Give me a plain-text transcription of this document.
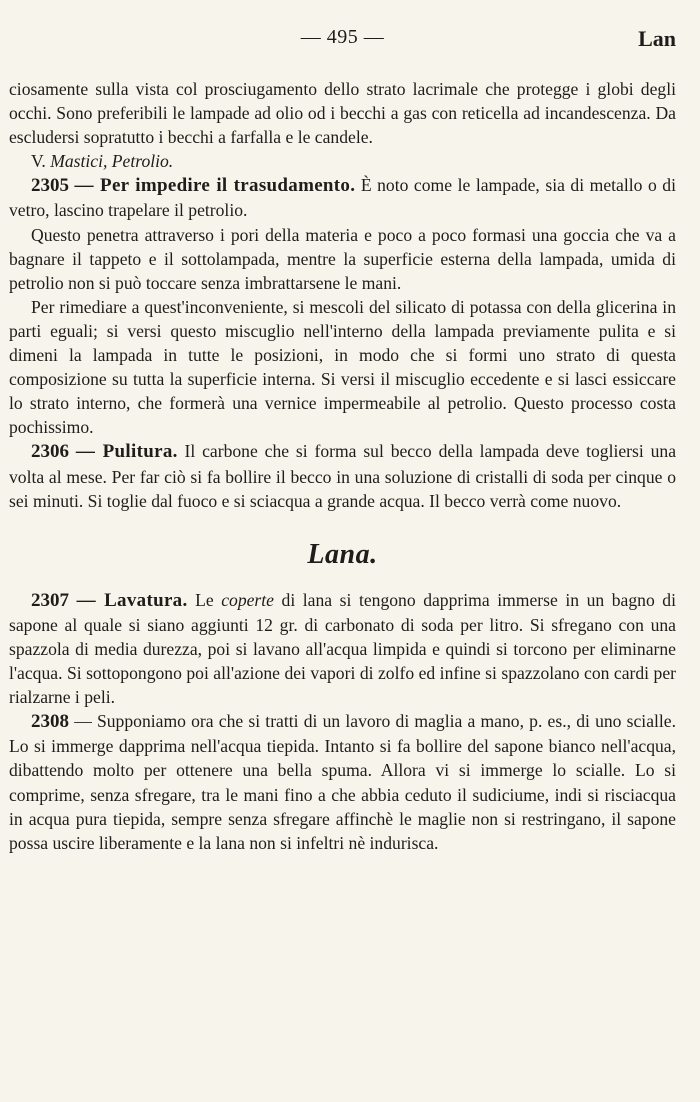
— 495 —	Lan

ciosamente sulla vista col prosciugamento dello strato lacrimale che protegge i globi degli occhi. Sono preferibili le lampade ad olio od i becchi a gas con reticella ad incandescenza. Da escludersi sopratutto i becchi a farfalla e le candele.

V. Mastici, Petrolio.

2305 — Per impedire il trasudamento. È noto come le lampade, sia di metallo o di vetro, lascino trapelare il petrolio.

Questo penetra attraverso i pori della materia e poco a poco formasi una goccia che va a bagnare il tappeto e il sottolampada, mentre la superficie esterna della lampada, umida di petrolio non si può toccare senza imbrattarsene le mani.

Per rimediare a quest'inconveniente, si mescoli del silicato di potassa con della glicerina in parti eguali; si versi questo miscuglio nell'interno della lampada previamente pulita e si dimeni la lampada in tutte le posizioni, in modo che si formi uno strato di questa composizione su tutta la superficie interna. Si versi il miscuglio eccedente e si lasci essiccare lo strato interno, che formerà una vernice impermeabile al petrolio. Questo processo costa pochissimo.

2306 — Pulitura. Il carbone che si forma sul becco della lampada deve togliersi una volta al mese. Per far ciò si fa bollire il becco in una soluzione di cristalli di soda per cinque o sei minuti. Si toglie dal fuoco e si sciacqua a grande acqua. Il becco verrà come nuovo.

Lana.

2307 — Lavatura. Le coperte di lana si tengono dapprima immerse in un bagno di sapone al quale si siano aggiunti 12 gr. di carbonato di soda per litro. Si sfregano con una spazzola di media durezza, poi si lavano all'acqua limpida e quindi si torcono per eliminarne l'acqua. Si sottopongono poi all'azione dei vapori di zolfo ed infine si spazzolano con cardi per rialzarne i peli.

2308 — Supponiamo ora che si tratti di un lavoro di maglia a mano, p. es., di uno scialle. Lo si immerge dapprima nell'acqua tiepida. Intanto si fa bollire del sapone bianco nell'acqua, dibattendo molto per ottenere una bella spuma. Allora vi si immerge lo scialle. Lo si comprime, senza sfregare, tra le mani fino a che abbia ceduto il sudiciume, indi si risciacqua in acqua pura tiepida, sempre senza sfregare affinchè le maglie non si restringano, il sapone possa uscire liberamente e la lana non si infeltri nè indurisca.
